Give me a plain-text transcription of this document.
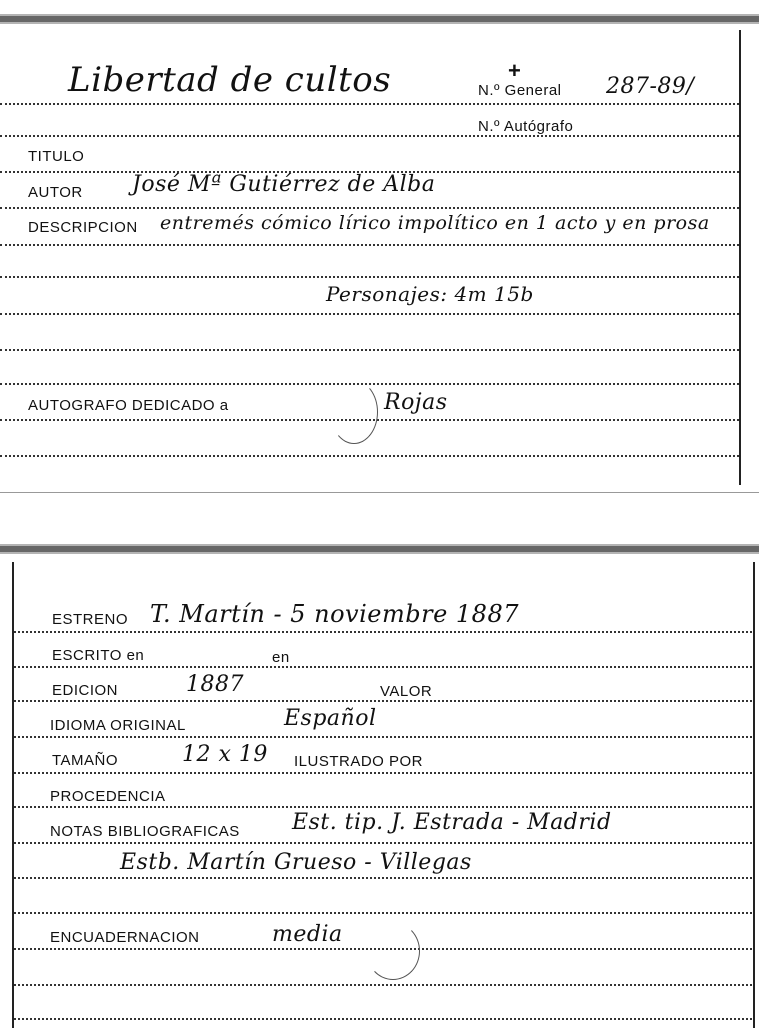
Libertad de cultos	+
N.º General 287-89/
N.º Autógrafo
TITULO
AUTOR José Mª Gutiérrez de Alba
DESCRIPCION entremés cómico lírico impolítico en 1 acto y en prosa
Personajes: 4m 15b
AUTOGRAFO DEDICADO a	Rojas
ESTRENO T. Martín - 5 noviembre 1887
ESCRITO en	en
EDICION	1887	VALOR
IDIOMA ORIGINAL	Español
TAMAÑO	12 x 19 ILUSTRADO POR
PROCEDENCIA
NOTAS BIBLIOGRAFICAS Est. tip. J. Estrada - Madrid
Estb. Martín Grueso - Villegas
ENCUADERNACION	media
